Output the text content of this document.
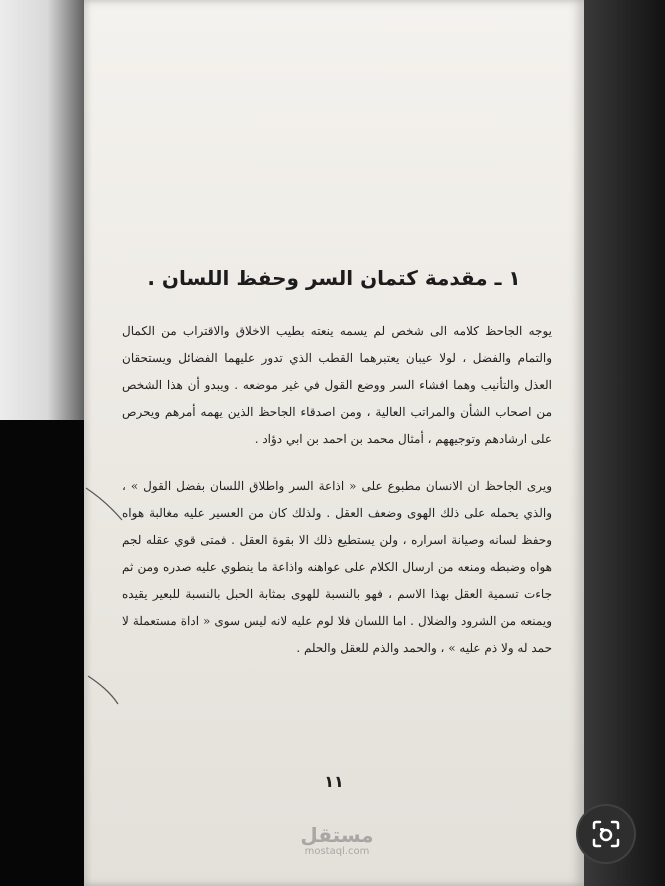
١ ـ مقدمة كتمان السر وحفظ اللسان .

يوجه الجاحظ كلامه الى شخص لم يسمه ينعته بطيب الاخلاق والاقتراب من الكمال والتمام والفضل ، لولا عيبان يعتبرهما القطب الذي تدور عليهما الفضائل ويستحقان العذل والتأنيب وهما افشاء السر ووضع القول في غير موضعه . ويبدو أن هذا الشخص من اصحاب الشأن والمراتب العالية ، ومن اصدقاء الجاحظ الذين يهمه أمرهم ويحرص على ارشادهم وتوجيههم ، أمثال محمد بن احمد بن ابي دؤاد .

ويرى الجاحظ ان الانسان مطبوع على « اذاعة السر واطلاق اللسان بفضل القول » ، والذي يحمله على ذلك الهوى وضعف العقل . ولذلك كان من العسير عليه مغالبة هواه وحفظ لسانه وصيانة اسراره ، ولن يستطيع ذلك الا بقوة العقل . فمتى قوي عقله لجم هواه وضبطه ومنعه من ارسال الكلام على عواهنه واذاعة ما ينطوي عليه صدره ومن ثم جاءت تسمية العقل بهذا الاسم ، فهو بالنسبة للهوى بمثابة الحبل بالنسبة للبعير يقيده ويمنعه من الشرود والضلال . اما اللسان فلا لوم عليه لانه ليس سوى « اداة مستعملة لا حمد له ولا ذم عليه » ، والحمد والذم للعقل والحلم .

١١
مستقل
mostaql.com
